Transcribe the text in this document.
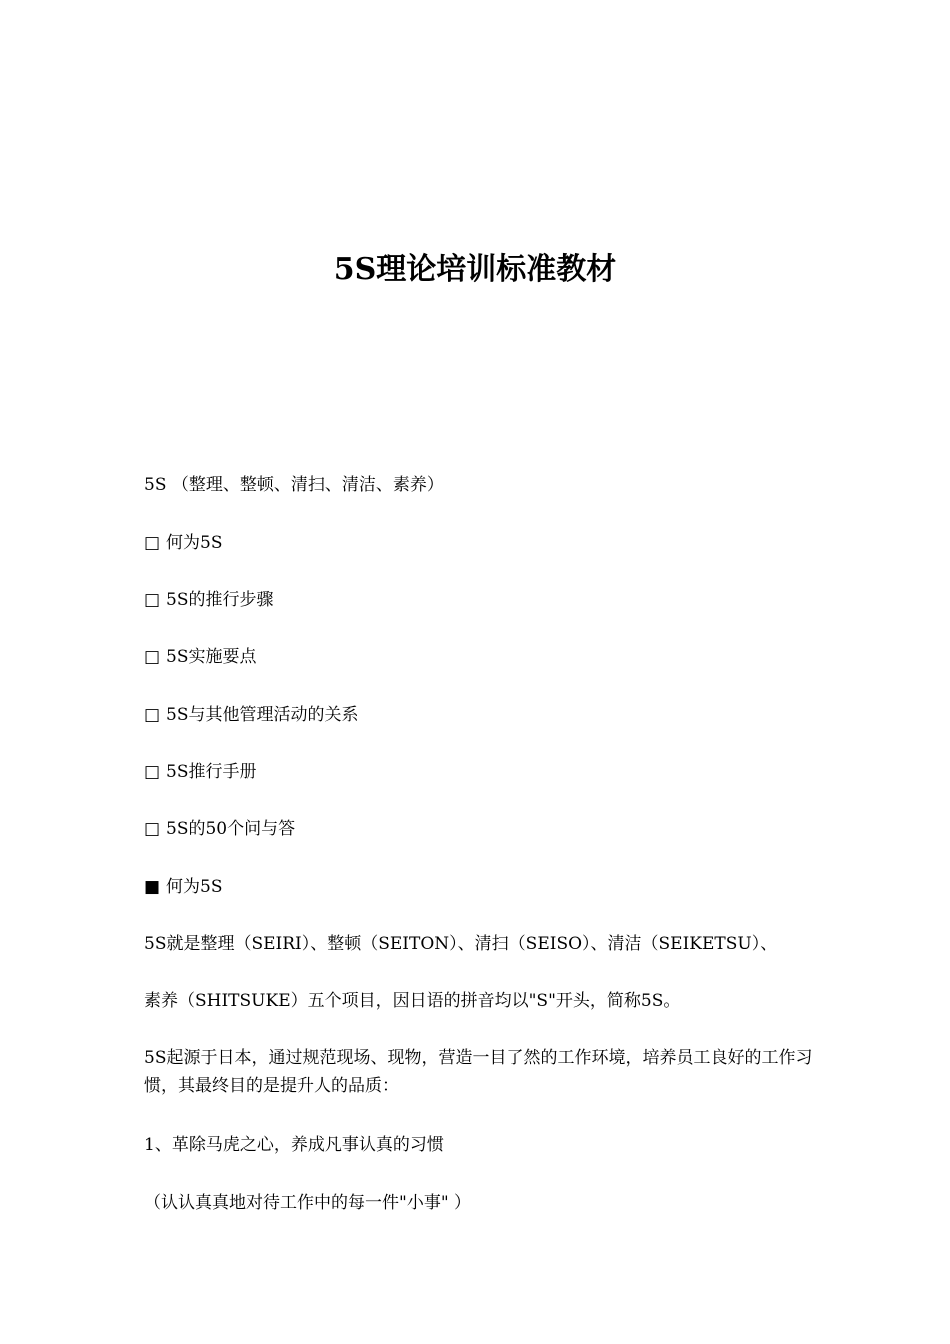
5S理论培训标准教材
5S （整理、整顿、清扫、清洁、素养）
□ 何为5S
□ 5S的推行步骤
□ 5S实施要点
□ 5S与其他管理活动的关系
□ 5S推行手册
□ 5S的50个问与答
■ 何为5S
5S就是整理（SEIRI）、整顿（SEITON）、清扫（SEISO）、清洁（SEIKETSU）、
素养（SHITSUKE）五个项目，因日语的拼音均以"S"开头，简称5S。
5S起源于日本，通过规范现场、现物，营造一目了然的工作环境，培养员工良好的工作习惯，其最终目的是提升人的品质：
1、革除马虎之心，养成凡事认真的习惯
（认认真真地对待工作中的每一件"小事" ）
